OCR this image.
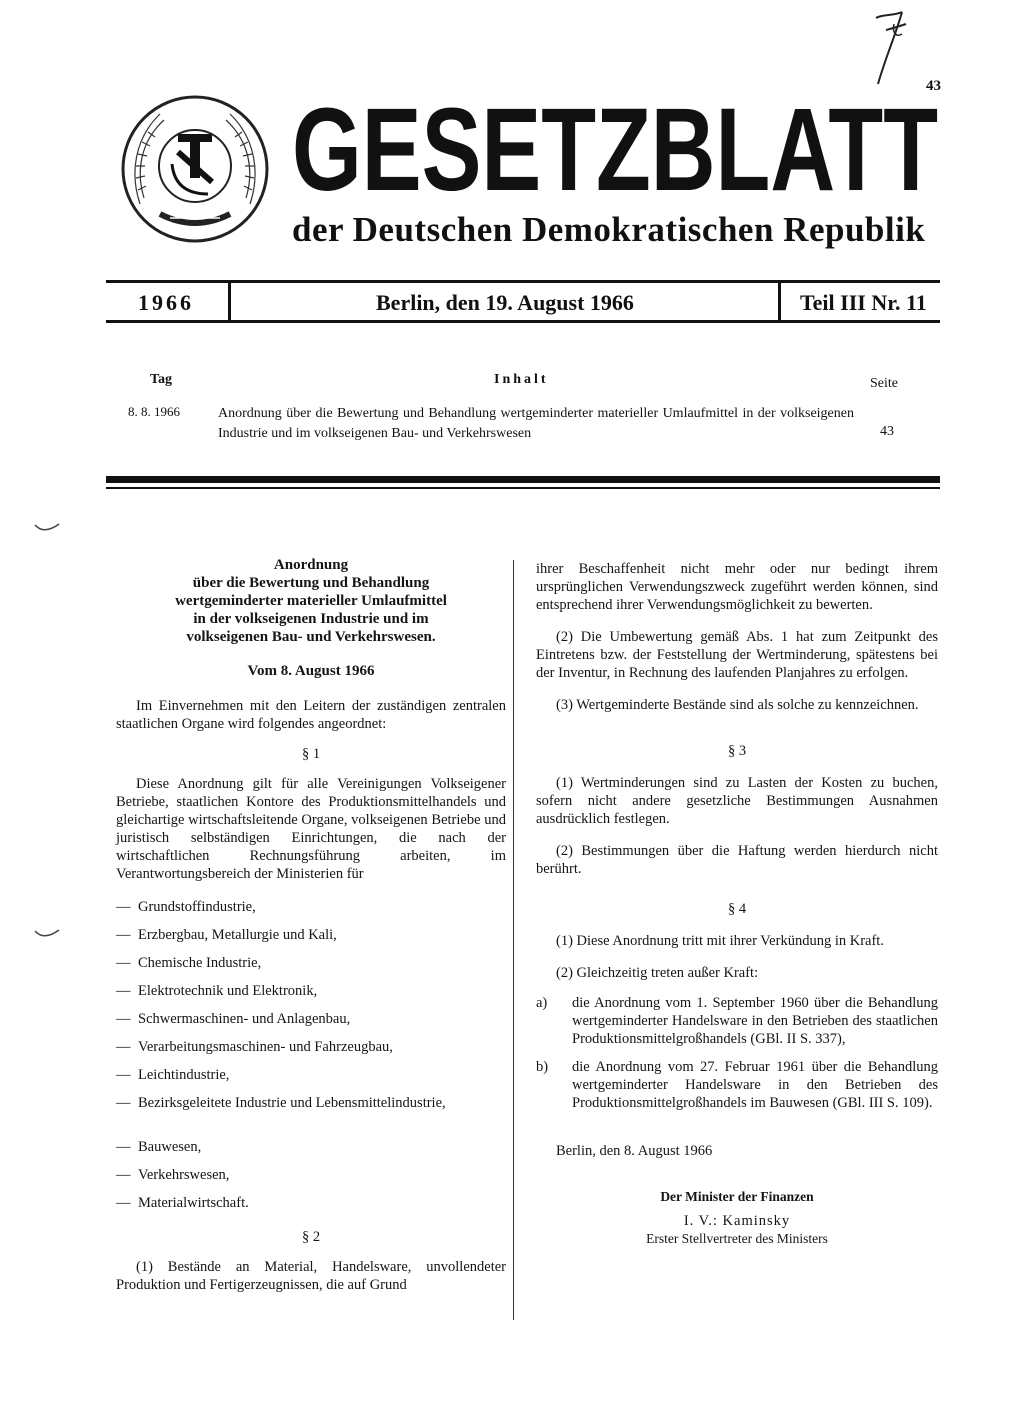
43
GESETZBLATT
der Deutschen Demokratischen Republik
1966	Berlin, den 19. August 1966	Teil III Nr. 11
Tag	Inhalt	Seite
8. 8. 1966	Anordnung über die Bewertung und Behandlung wertgeminderter materieller Umlaufmittel in der volkseigenen Industrie und im volkseigenen Bau- und Verkehrswesen	43
Anordnung
über die Bewertung und Behandlung
wertgeminderter materieller Umlaufmittel
in der volkseigenen Industrie und im
volkseigenen Bau- und Verkehrswesen.
Vom 8. August 1966
Im Einvernehmen mit den Leitern der zuständigen zentralen staatlichen Organe wird folgendes angeordnet:
§ 1
Diese Anordnung gilt für alle Vereinigungen Volkseigener Betriebe, staatlichen Kontore des Produktionsmittelhandels und gleichartige wirtschaftsleitende Organe, volkseigenen Betriebe und juristisch selbständigen Einrichtungen, die nach der wirtschaftlichen Rechnungsführung arbeiten, im Verantwortungsbereich der Ministerien für
— Grundstoffindustrie,
— Erzbergbau, Metallurgie und Kali,
— Chemische Industrie,
— Elektrotechnik und Elektronik,
— Schwermaschinen- und Anlagenbau,
— Verarbeitungsmaschinen- und Fahrzeugbau,
— Leichtindustrie,
— Bezirksgeleitete Industrie und Lebensmittelindustrie,
— Bauwesen,
— Verkehrswesen,
— Materialwirtschaft.
§ 2
(1) Bestände an Material, Handelsware, unvollendeter Produktion und Fertigerzeugnissen, die auf Grund
ihrer Beschaffenheit nicht mehr oder nur bedingt ihrem ursprünglichen Verwendungszweck zugeführt werden können, sind entsprechend ihrer Verwendungsmöglichkeit zu bewerten.
(2) Die Umbewertung gemäß Abs. 1 hat zum Zeitpunkt des Eintretens bzw. der Feststellung der Wertminderung, spätestens bei der Inventur, in Rechnung des laufenden Planjahres zu erfolgen.
(3) Wertgeminderte Bestände sind als solche zu kennzeichnen.
§ 3
(1) Wertminderungen sind zu Lasten der Kosten zu buchen, sofern nicht andere gesetzliche Bestimmungen Ausnahmen ausdrücklich festlegen.
(2) Bestimmungen über die Haftung werden hierdurch nicht berührt.
§ 4
(1) Diese Anordnung tritt mit ihrer Verkündung in Kraft.
(2) Gleichzeitig treten außer Kraft:
a)	die Anordnung vom 1. September 1960 über die Behandlung wertgeminderter Handelsware in den Betrieben des staatlichen Produktionsmittelgroßhandels (GBl. II S. 337),
b)	die Anordnung vom 27. Februar 1961 über die Behandlung wertgeminderter Handelsware in den Betrieben des Produktionsmittelgroßhandels im Bauwesen (GBl. III S. 109).
Berlin, den 8. August 1966
Der Minister der Finanzen
I. V.: Kaminsky
Erster Stellvertreter des Ministers
